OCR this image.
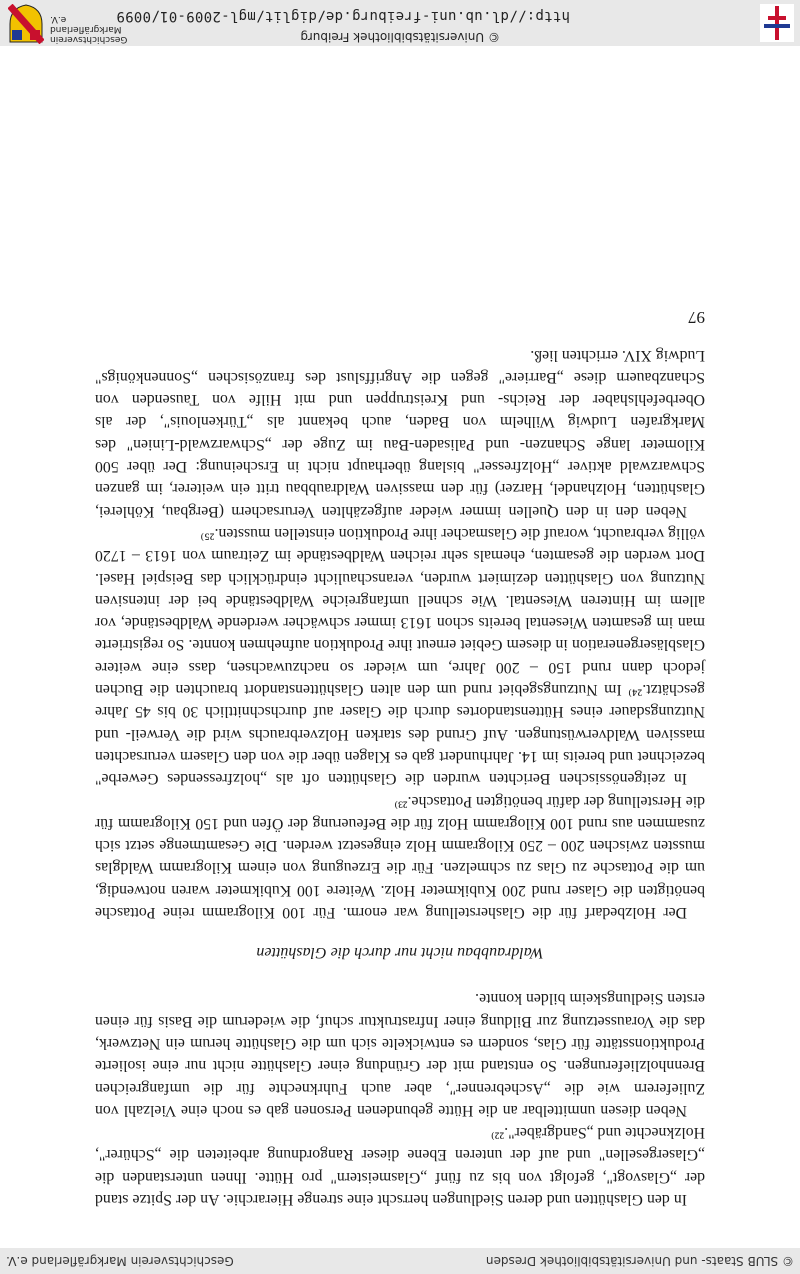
© Universitätsbibliothek Freiburg
http://dl.ub.uni-freiburg.de/diglit/mgl-2009-01/0099
Geschichtsverein Markgräflerland e.V.
© SLUB Staats- und Universitätsbibliothek Dresden
Geschichtsverein Markgräflerland e.V.

In den Glashütten und deren Siedlungen herrscht eine strenge Hierarchie. An der Spitze stand der „Glasvogt", gefolgt von bis zu fünf „Glasmeistern" pro Hütte. Ihnen unterstanden die „Glasergesellen" und auf der unteren Ebene dieser Rangordnung arbeiteten die „Schürer", Holzknechte und „Sandgräber".²²⁾

Neben diesen unmittelbar an die Hütte gebundenen Personen gab es noch eine Vielzahl von Zulieferern wie die „Aschebrenner", aber auch Fuhrknechte für die umfangreichen Brennholzlieferungen. So entstand mit der Gründung einer Glashütte nicht nur eine isolierte Produktionsstätte für Glas, sondern es entwickelte sich um die Glashütte herum ein Netzwerk, das die Voraussetzung zur Bildung einer Infrastruktur schuf, die wiederum die Basis für einen ersten Siedlungskeim bilden konnte.

Waldraubbau nicht nur durch die Glashütten

Der Holzbedarf für die Glasherstellung war enorm. Für 100 Kilogramm reine Pottasche benötigten die Glaser rund 200 Kubikmeter Holz. Weitere 100 Kubikmeter waren notwendig, um die Pottasche zu Glas zu schmelzen. Für die Erzeugung von einem Kilogramm Waldglas mussten zwischen 200 – 250 Kilogramm Holz eingesetzt werden. Die Gesamtmenge setzt sich zusammen aus rund 100 Kilogramm Holz für die Befeuerung der Öfen und 150 Kilogramm für die Herstellung der dafür benötigten Pottasche.²³⁾

In zeitgenössischen Berichten wurden die Glashütten oft als „holzfressendes Gewerbe" bezeichnet und bereits im 14. Jahrhundert gab es Klagen über die von den Glasern verursachten massiven Waldverwüstungen. Auf Grund des starken Holzverbrauchs wird die Verweil- und Nutzungsdauer eines Hüttenstandortes durch die Glaser auf durchschnittlich 30 bis 45 Jahre geschätzt.²⁴⁾ Im Nutzungsgebiet rund um den alten Glashüttenstandort brauchten die Buchen jedoch dann rund 150 – 200 Jahre, um wieder so nachzuwachsen, dass eine weitere Glasbläsergeneration in diesem Gebiet erneut ihre Produktion aufnehmen konnte. So registrierte man im gesamten Wiesental bereits schon 1613 immer schwächer werdende Waldbestände, vor allem im Hinteren Wiesental. Wie schnell umfangreiche Waldbestände bei der intensiven Nutzung von Glashütten dezimiert wurden, veranschaulicht eindrücklich das Beispiel Hasel. Dort werden die gesamten, ehemals sehr reichen Waldbestände im Zeitraum von 1613 – 1720 völlig verbraucht, worauf die Glasmacher ihre Produktion einstellen mussten.²⁵⁾

Neben den in den Quellen immer wieder aufgezählten Verursachern (Bergbau, Köhlerei, Glashütten, Holzhandel, Harzer) für den massiven Waldraubbau tritt ein weiterer, im ganzen Schwarzwald aktiver „Holzfresser" bislang überhaupt nicht in Erscheinung: Der über 500 Kilometer lange Schanzen- und Palisaden-Bau im Zuge der „Schwarzwald-Linien" des Markgrafen Ludwig Wilhelm von Baden, auch bekannt als „Türkenlouis", der als Oberbefehlshaber der Reichs- und Kreistruppen und mit Hilfe von Tausenden von Schanzbauern diese „Barriere" gegen die Angriffslust des französischen „Sonnenkönigs" Ludwig XIV. errichten ließ.

97
